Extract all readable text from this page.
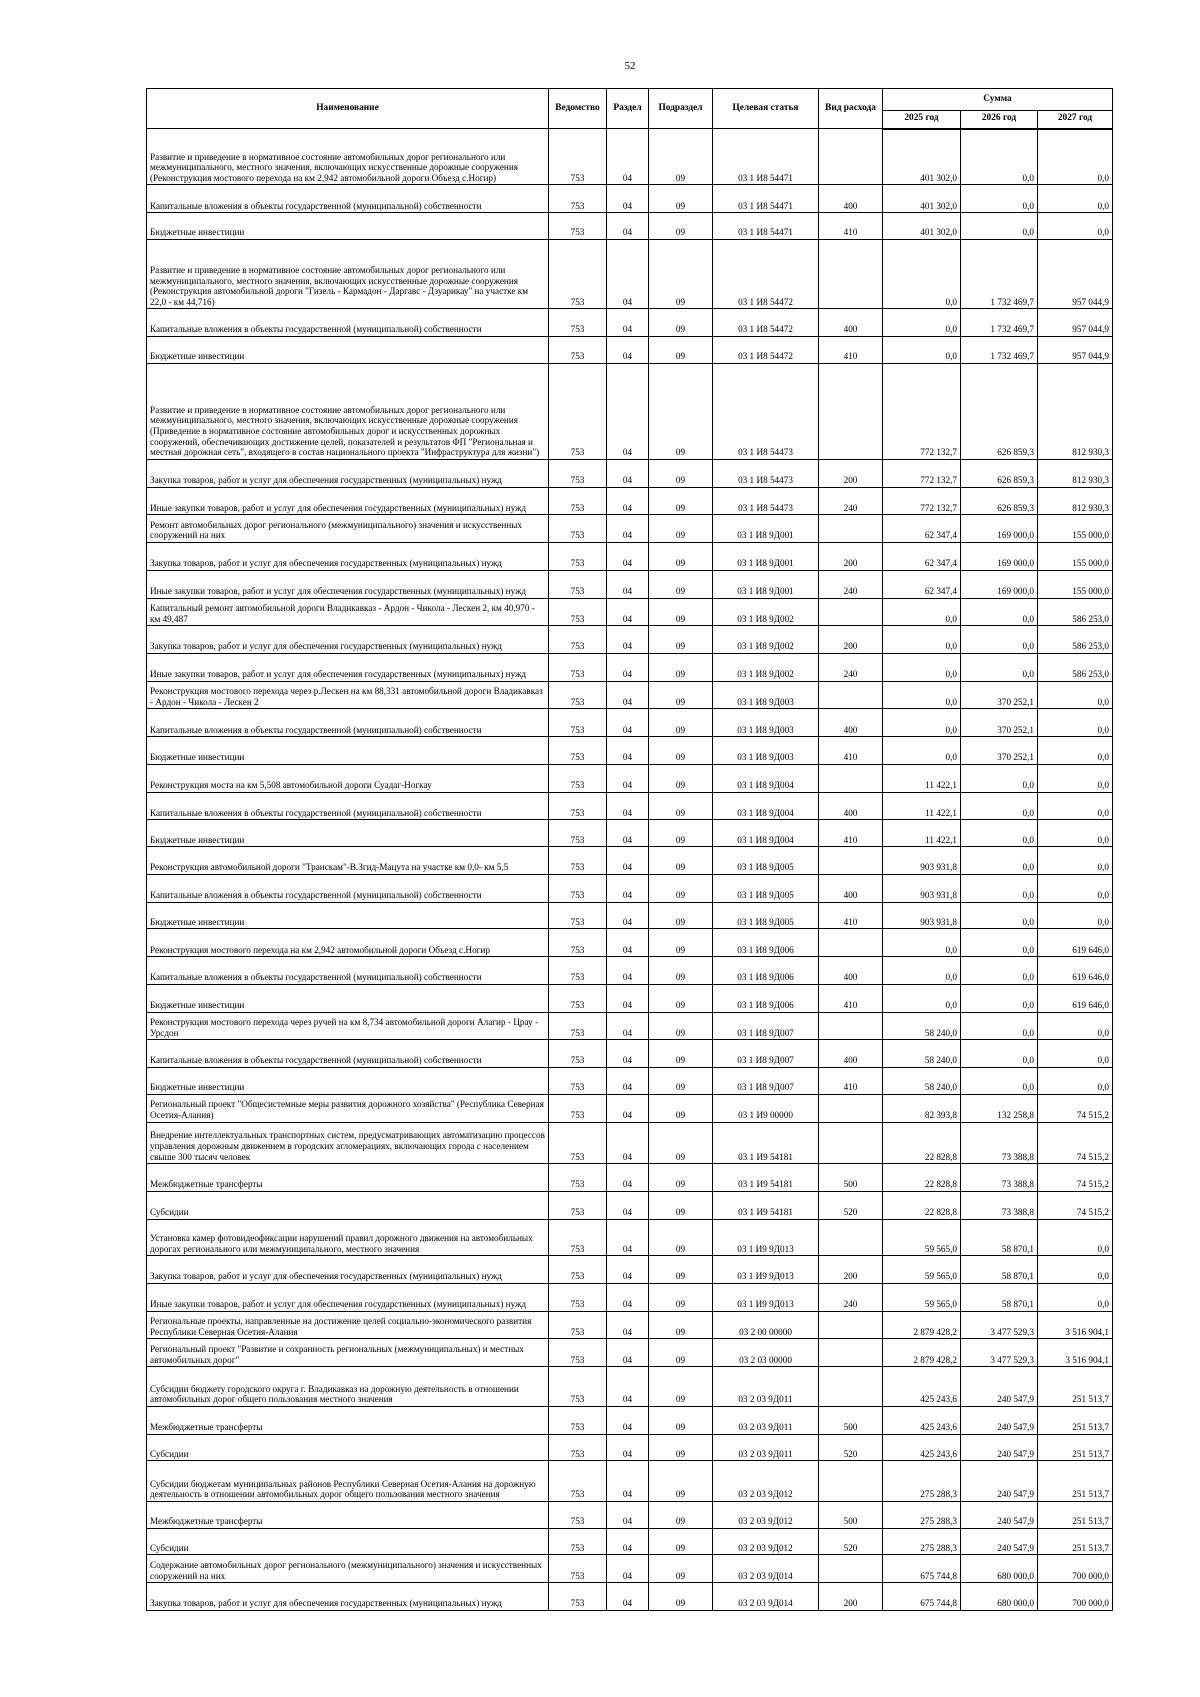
52
Наименование	Ведомство	Раздел	Подраздел	Целевая статья	Вид расхода	Сумма		
						2025 год	2026 год	2027 год
Развитие и приведение в нормативное состояние автомобильных дорог регионального или межмуниципального, местного значения, включающих искусственные дорожные сооружения (Реконструкция мостового перехода на км 2,942 автомобильной дороги Объезд с.Ногир)	753	04	09	03 1 И8 54471		401 302,0	0,0	0,0
Капитальные вложения в объекты государственной (муниципальной) собственности	753	04	09	03 1 И8 54471	400	401 302,0	0,0	0,0
Бюджетные инвестиции	753	04	09	03 1 И8 54471	410	401 302,0	0,0	0,0
Развитие и приведение в нормативное состояние автомобильных дорог регионального или межмуниципального, местного значения, включающих искусственные дорожные сооружения (Реконструкция автомобильной дороги "Гизель - Кармадон - Даргавс - Дзуарикау" на участке км 22,0 - км 44,716)	753	04	09	03 1 И8 54472		0,0	1 732 469,7	957 044,9
Капитальные вложения в объекты государственной (муниципальной) собственности	753	04	09	03 1 И8 54472	400	0,0	1 732 469,7	957 044,9
Бюджетные инвестиции	753	04	09	03 1 И8 54472	410	0,0	1 732 469,7	957 044,9
Развитие и приведение в нормативное состояние автомобильных дорог регионального или межмуниципального, местного значения, включающих искусственные дорожные сооружения (Приведение в нормативное состояние автомобильных дорог и искусственных дорожных сооружений, обеспечивающих достижение целей, показателей и результатов ФП "Региональная и местная дорожная сеть", входящего в состав национального проекта "Инфраструктура для жизни")	753	04	09	03 1 И8 54473		772 132,7	626 859,3	812 930,3
Закупка товаров, работ и услуг для обеспечения государственных (муниципальных) нужд	753	04	09	03 1 И8 54473	200	772 132,7	626 859,3	812 930,3
Иные закупки товаров, работ и услуг для обеспечения государственных (муниципальных) нужд	753	04	09	03 1 И8 54473	240	772 132,7	626 859,3	812 930,3
Ремонт автомобильных дорог регионального (межмуниципального) значения и искусственных сооружений на них	753	04	09	03 1 И8 9Д001		62 347,4	169 000,0	155 000,0
Закупка товаров, работ и услуг для обеспечения государственных (муниципальных) нужд	753	04	09	03 1 И8 9Д001	200	62 347,4	169 000,0	155 000,0
Иные закупки товаров, работ и услуг для обеспечения государственных (муниципальных) нужд	753	04	09	03 1 И8 9Д001	240	62 347,4	169 000,0	155 000,0
Капитальный ремонт автомобильной дороги Владикавказ - Ардон - Чикола - Лескен 2, км 40,970 - км 49,487	753	04	09	03 1 И8 9Д002		0,0	0,0	586 253,0
Закупка товаров, работ и услуг для обеспечения государственных (муниципальных) нужд	753	04	09	03 1 И8 9Д002	200	0,0	0,0	586 253,0
Иные закупки товаров, работ и услуг для обеспечения государственных (муниципальных) нужд	753	04	09	03 1 И8 9Д002	240	0,0	0,0	586 253,0
Реконструкция мостового перехода через р.Лескен на км 88,331 автомобильной дороги Владикавказ - Ардон - Чикола - Лескен 2	753	04	09	03 1 И8 9Д003		0,0	370 252,1	0,0
Капитальные вложения в объекты государственной (муниципальной) собственности	753	04	09	03 1 И8 9Д003	400	0,0	370 252,1	0,0
Бюджетные инвестиции	753	04	09	03 1 И8 9Д003	410	0,0	370 252,1	0,0
Реконструкция моста на км 5,508 автомобильной дороги Суадаг-Ногкау	753	04	09	03 1 И8 9Д004		11 422,1	0,0	0,0
Капитальные вложения в объекты государственной (муниципальной) собственности	753	04	09	03 1 И8 9Д004	400	11 422,1	0,0	0,0
Бюджетные инвестиции	753	04	09	03 1 И8 9Д004	410	11 422,1	0,0	0,0
Реконструкция автомобильной дороги "Транскам"-В.Згид-Мацута на участке км 0,0- км 5,5	753	04	09	03 1 И8 9Д005		903 931,8	0,0	0,0
Капитальные вложения в объекты государственной (муниципальной) собственности	753	04	09	03 1 И8 9Д005	400	903 931,8	0,0	0,0
Бюджетные инвестиции	753	04	09	03 1 И8 9Д005	410	903 931,8	0,0	0,0
Реконструкция мостового перехода на км 2,942 автомобильной дороги Объезд с.Ногир	753	04	09	03 1 И8 9Д006		0,0	0,0	619 646,0
Капитальные вложения в объекты государственной (муниципальной) собственности	753	04	09	03 1 И8 9Д006	400	0,0	0,0	619 646,0
Бюджетные инвестиции	753	04	09	03 1 И8 9Д006	410	0,0	0,0	619 646,0
Реконструкция мостового перехода через ручей на км 8,734 автомобильной дороги Алагир - Црау - Урсдон	753	04	09	03 1 И8 9Д007		58 240,0	0,0	0,0
Капитальные вложения в объекты государственной (муниципальной) собственности	753	04	09	03 1 И8 9Д007	400	58 240,0	0,0	0,0
Бюджетные инвестиции	753	04	09	03 1 И8 9Д007	410	58 240,0	0,0	0,0
Региональный проект "Общесистемные меры развития дорожного хозяйства" (Республика Северная Осетия-Алания)	753	04	09	03 1 И9 00000		82 393,8	132 258,8	74 515,2
Внедрение интеллектуальных транспортных систем, предусматривающих автоматизацию процессов управления дорожным движением в городских агломерациях, включающих города с населением свыше 300 тысяч человек	753	04	09	03 1 И9 54181		22 828,8	73 388,8	74 515,2
Межбюджетные трансферты	753	04	09	03 1 И9 54181	500	22 828,8	73 388,8	74 515,2
Субсидии	753	04	09	03 1 И9 54181	520	22 828,8	73 388,8	74 515,2
Установка камер фотовидеофиксации нарушений правил дорожного движения на автомобильных дорогах регионального или межмуниципального, местного значения	753	04	09	03 1 И9 9Д013		59 565,0	58 870,1	0,0
Закупка товаров, работ и услуг для обеспечения государственных (муниципальных) нужд	753	04	09	03 1 И9 9Д013	200	59 565,0	58 870,1	0,0
Иные закупки товаров, работ и услуг для обеспечения государственных (муниципальных) нужд	753	04	09	03 1 И9 9Д013	240	59 565,0	58 870,1	0,0
Региональные проекты, направленные на достижение целей социально-экономического развития Республики Северная Осетия-Алания	753	04	09	03 2 00 00000		2 879 428,2	3 477 529,3	3 516 904,1
Региональный проект "Развитие и сохранность региональных (межмуниципальных) и местных автомобильных дорог"	753	04	09	03 2 03 00000		2 879 428,2	3 477 529,3	3 516 904,1
Субсидии бюджету городского округа г. Владикавказ на дорожную деятельность в отношении автомобильных дорог общего пользования местного значения	753	04	09	03 2 03 9Д011		425 243,6	240 547,9	251 513,7
Межбюджетные трансферты	753	04	09	03 2 03 9Д011	500	425 243,6	240 547,9	251 513,7
Субсидии	753	04	09	03 2 03 9Д011	520	425 243,6	240 547,9	251 513,7
Субсидии бюджетам муниципальных районов Республики Северная Осетия-Алания на дорожную деятельность в отношении автомобильных дорог общего пользования местного значения	753	04	09	03 2 03 9Д012		275 288,3	240 547,9	251 513,7
Межбюджетные трансферты	753	04	09	03 2 03 9Д012	500	275 288,3	240 547,9	251 513,7
Субсидии	753	04	09	03 2 03 9Д012	520	275 288,3	240 547,9	251 513,7
Содержание автомобильных дорог регионального (межмуниципального) значения и искусственных сооружений на них	753	04	09	03 2 03 9Д014		675 744,8	680 000,0	700 000,0
Закупка товаров, работ и услуг для обеспечения государственных (муниципальных) нужд	753	04	09	03 2 03 9Д014	200	675 744,8	680 000,0	700 000,0
